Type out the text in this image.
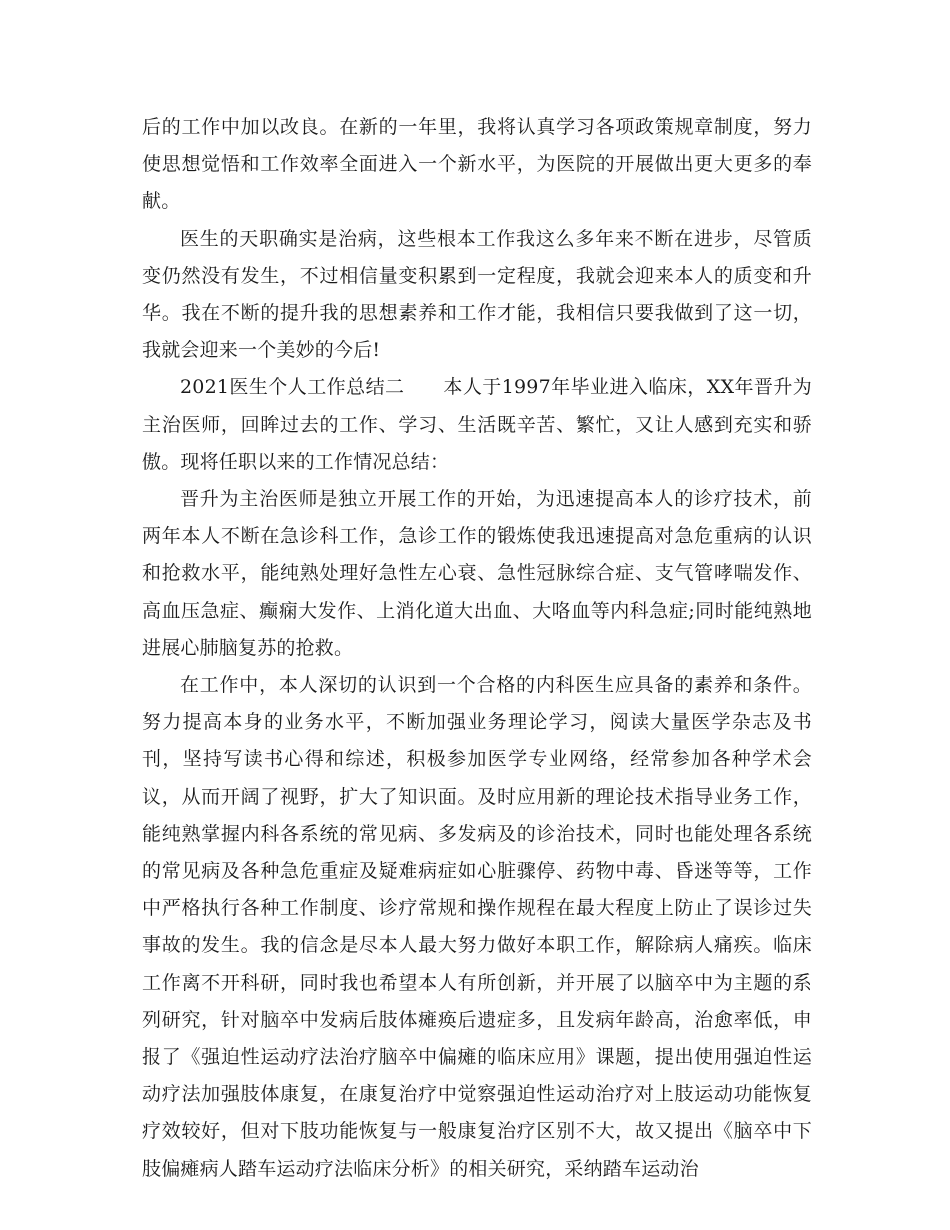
后的工作中加以改良。在新的一年里，我将认真学习各项政策规章制度，努力使思想觉悟和工作效率全面进入一个新水平，为医院的开展做出更大更多的奉献。

医生的天职确实是治病，这些根本工作我这么多年来不断在进步，尽管质变仍然没有发生，不过相信量变积累到一定程度，我就会迎来本人的质变和升华。我在不断的提升我的思想素养和工作才能，我相信只要我做到了这一切，我就会迎来一个美妙的今后!

2021医生个人工作总结二　　本人于1997年毕业进入临床，XX年晋升为主治医师，回眸过去的工作、学习、生活既辛苦、繁忙，又让人感到充实和骄傲。现将任职以来的工作情况总结：

晋升为主治医师是独立开展工作的开始，为迅速提高本人的诊疗技术，前两年本人不断在急诊科工作，急诊工作的锻炼使我迅速提高对急危重病的认识和抢救水平，能纯熟处理好急性左心衰、急性冠脉综合症、支气管哮喘发作、高血压急症、癫痫大发作、上消化道大出血、大咯血等内科急症;同时能纯熟地进展心肺脑复苏的抢救。

在工作中，本人深切的认识到一个合格的内科医生应具备的素养和条件。努力提高本身的业务水平，不断加强业务理论学习，阅读大量医学杂志及书刊，坚持写读书心得和综述，积极参加医学专业网络，经常参加各种学术会议，从而开阔了视野，扩大了知识面。及时应用新的理论技术指导业务工作，能纯熟掌握内科各系统的常见病、多发病及的诊治技术，同时也能处理各系统的常见病及各种急危重症及疑难病症如心脏骤停、药物中毒、昏迷等等，工作中严格执行各种工作制度、诊疗常规和操作规程在最大程度上防止了误诊过失事故的发生。我的信念是尽本人最大努力做好本职工作，解除病人痛疾。临床工作离不开科研，同时我也希望本人有所创新，并开展了以脑卒中为主题的系列研究，针对脑卒中发病后肢体瘫痪后遗症多，且发病年龄高，治愈率低，申报了《强迫性运动疗法治疗脑卒中偏瘫的临床应用》课题，提出使用强迫性运动疗法加强肢体康复，在康复治疗中觉察强迫性运动治疗对上肢运动功能恢复疗效较好，但对下肢功能恢复与一般康复治疗区别不大，故又提出《脑卒中下肢偏瘫病人踏车运动疗法临床分析》的相关研究，采纳踏车运动治
